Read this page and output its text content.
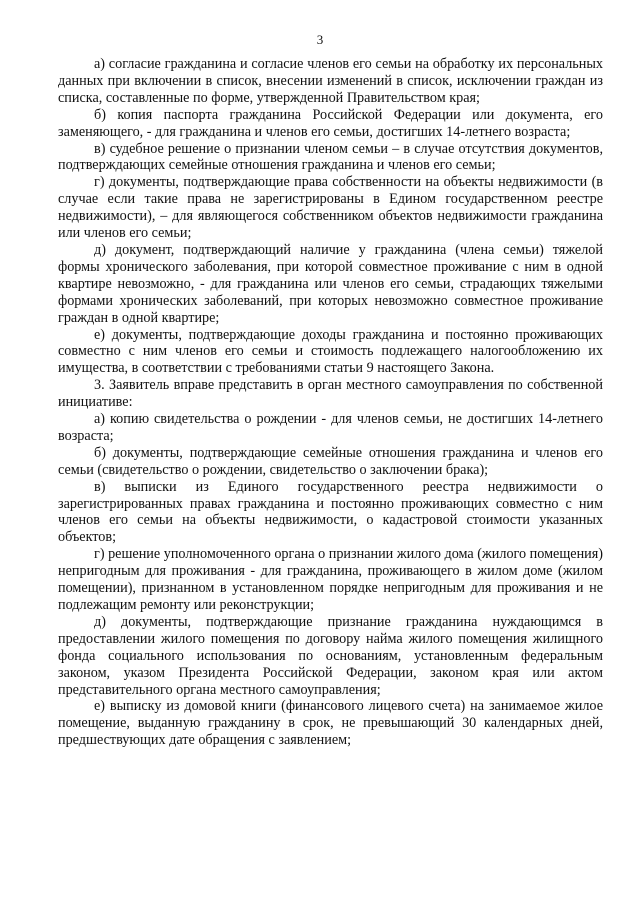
3

а) согласие гражданина и согласие членов его семьи на обработку их персональных данных при включении в список, внесении изменений в список, исключении граждан из списка, составленные по форме, утвержденной Правительством края;

б) копия паспорта гражданина Российской Федерации или документа, его заменяющего, - для гражданина и членов его семьи, достигших 14-летнего возраста;

в) судебное решение о признании членом семьи – в случае отсутствия документов, подтверждающих семейные отношения гражданина и членов его семьи;

г) документы, подтверждающие права собственности на объекты недвижимости (в случае если такие права не зарегистрированы в Едином государственном реестре недвижимости), – для являющегося собственником объектов недвижимости гражданина или членов его семьи;

д) документ, подтверждающий наличие у гражданина (члена семьи) тяжелой формы хронического заболевания, при которой совместное проживание с ним в одной квартире невозможно, - для гражданина или членов его семьи, страдающих тяжелыми формами хронических заболеваний, при которых невозможно совместное проживание граждан в одной квартире;

е) документы, подтверждающие доходы гражданина и постоянно проживающих совместно с ним членов его семьи и стоимость подлежащего налогообложению их имущества, в соответствии с требованиями статьи 9 настоящего Закона.

3. Заявитель вправе представить в орган местного самоуправления по собственной инициативе:

а) копию свидетельства о рождении - для членов семьи, не достигших 14-летнего возраста;

б) документы, подтверждающие семейные отношения гражданина и членов его семьи (свидетельство о рождении, свидетельство о заключении брака);

в) выписки из Единого государственного реестра недвижимости о зарегистрированных правах гражданина и постоянно проживающих совместно с ним членов его семьи на объекты недвижимости, о кадастровой стоимости указанных объектов;

г) решение уполномоченного органа о признании жилого дома (жилого помещения) непригодным для проживания - для гражданина, проживающего в жилом доме (жилом помещении), признанном в установленном порядке непригодным для проживания и не подлежащим ремонту или реконструкции;

д) документы, подтверждающие признание гражданина нуждающимся в предоставлении жилого помещения по договору найма жилого помещения жилищного фонда социального использования по основаниям, установленным федеральным законом, указом Президента Российской Федерации, законом края или актом представительного органа местного самоуправления;

е) выписку из домовой книги (финансового лицевого счета) на занимаемое жилое помещение, выданную гражданину в срок, не превышающий 30 календарных дней, предшествующих дате обращения с заявлением;
